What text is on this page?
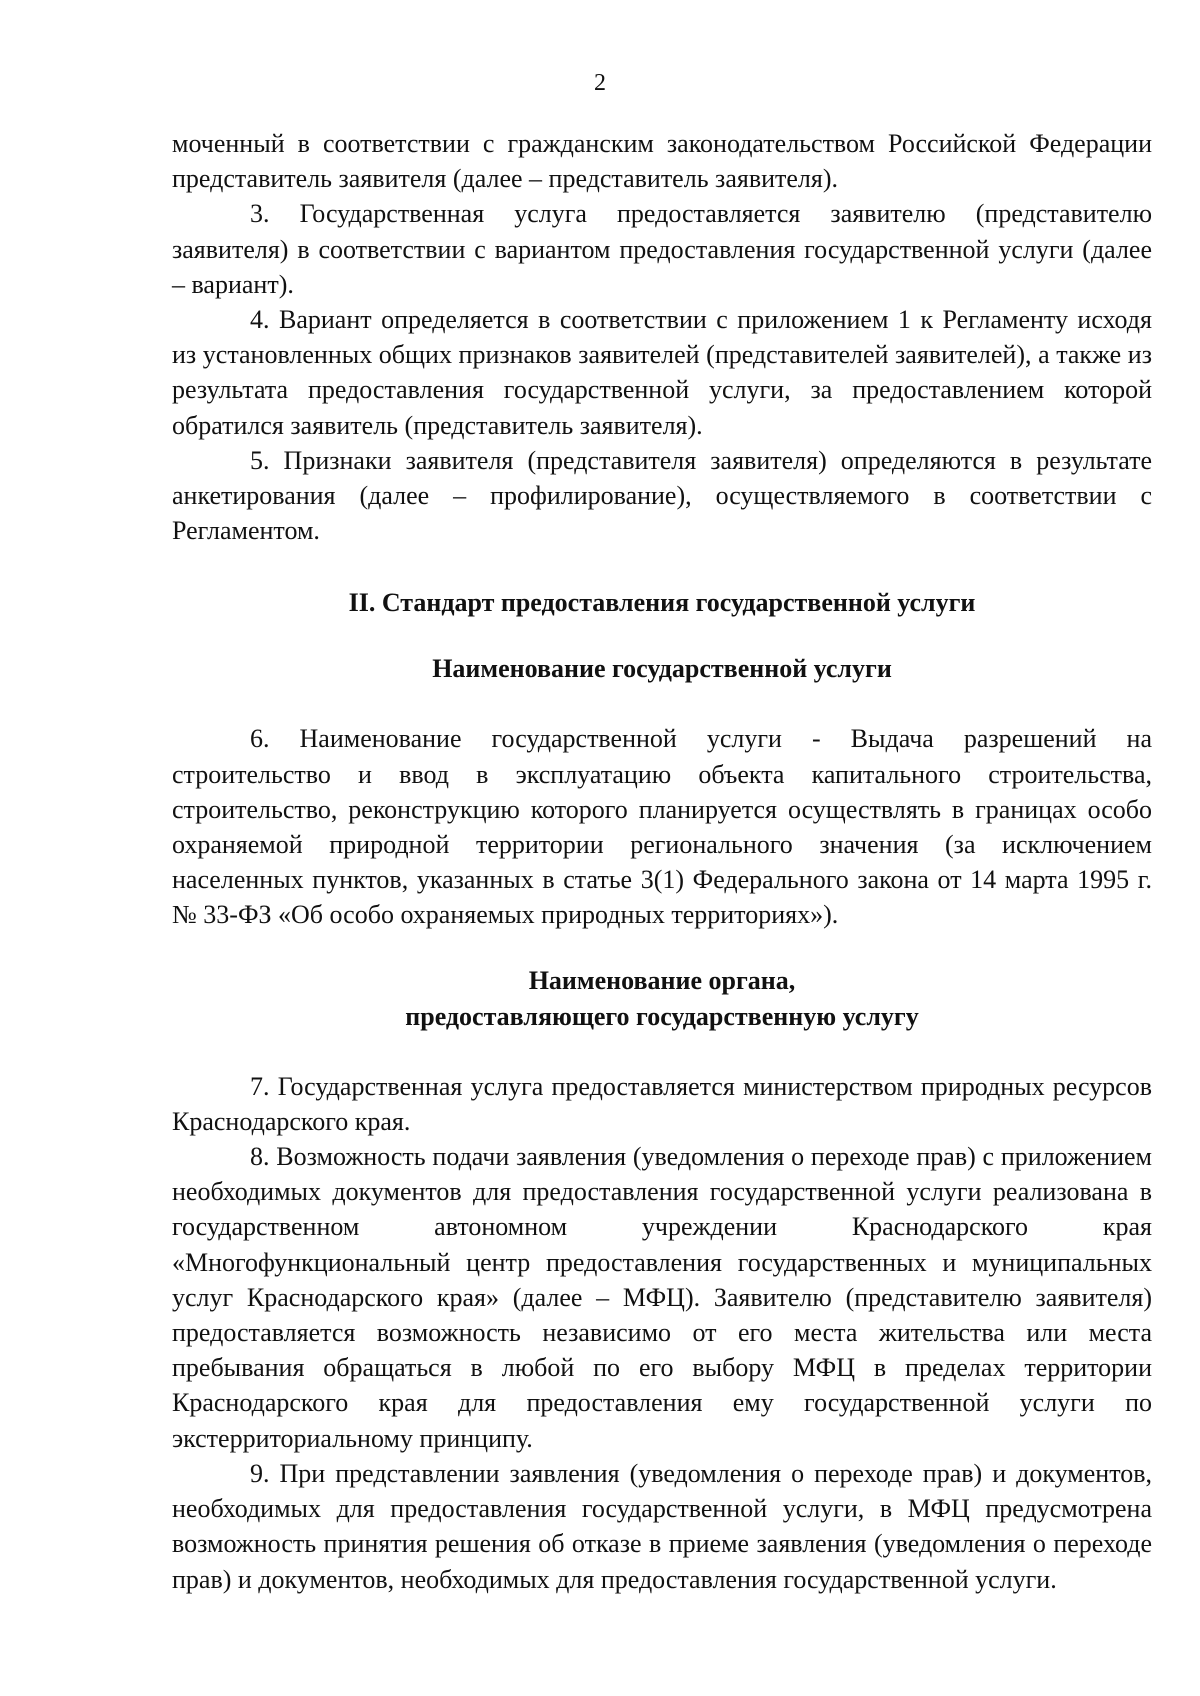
2

моченный в соответствии с гражданским законодательством Российской Федерации представитель заявителя (далее – представитель заявителя).

3. Государственная услуга предоставляется заявителю (представителю заявителя) в соответствии с вариантом предоставления государственной услуги (далее – вариант).

4. Вариант определяется в соответствии с приложением 1 к Регламенту исходя из установленных общих признаков заявителей (представителей заявителей), а также из результата предоставления государственной услуги, за предоставлением которой обратился заявитель (представитель заявителя).

5. Признаки заявителя (представителя заявителя) определяются в результате анкетирования (далее – профилирование), осуществляемого в соответствии с Регламентом.

II. Стандарт предоставления государственной услуги
Наименование государственной услуги

6. Наименование государственной услуги - Выдача разрешений на строительство и ввод в эксплуатацию объекта капитального строительства, строительство, реконструкцию которого планируется осуществлять в границах особо охраняемой природной территории регионального значения (за исключением населенных пунктов, указанных в статье 3(1) Федерального закона от 14 марта 1995 г. № 33-ФЗ «Об особо охраняемых природных территориях»).

Наименование органа,
предоставляющего государственную услугу

7. Государственная услуга предоставляется министерством природных ресурсов Краснодарского края.

8. Возможность подачи заявления (уведомления о переходе прав) с приложением необходимых документов для предоставления государственной услуги реализована в государственном автономном учреждении Краснодарского края «Многофункциональный центр предоставления государственных и муниципальных услуг Краснодарского края» (далее – МФЦ). Заявителю (представителю заявителя) предоставляется возможность независимо от его места жительства или места пребывания обращаться в любой по его выбору МФЦ в пределах территории Краснодарского края для предоставления ему государственной услуги по экстерриториальному принципу.

9. При представлении заявления (уведомления о переходе прав) и документов, необходимых для предоставления государственной услуги, в МФЦ предусмотрена возможность принятия решения об отказе в приеме заявления (уведомления о переходе прав) и документов, необходимых для предоставления государственной услуги.
